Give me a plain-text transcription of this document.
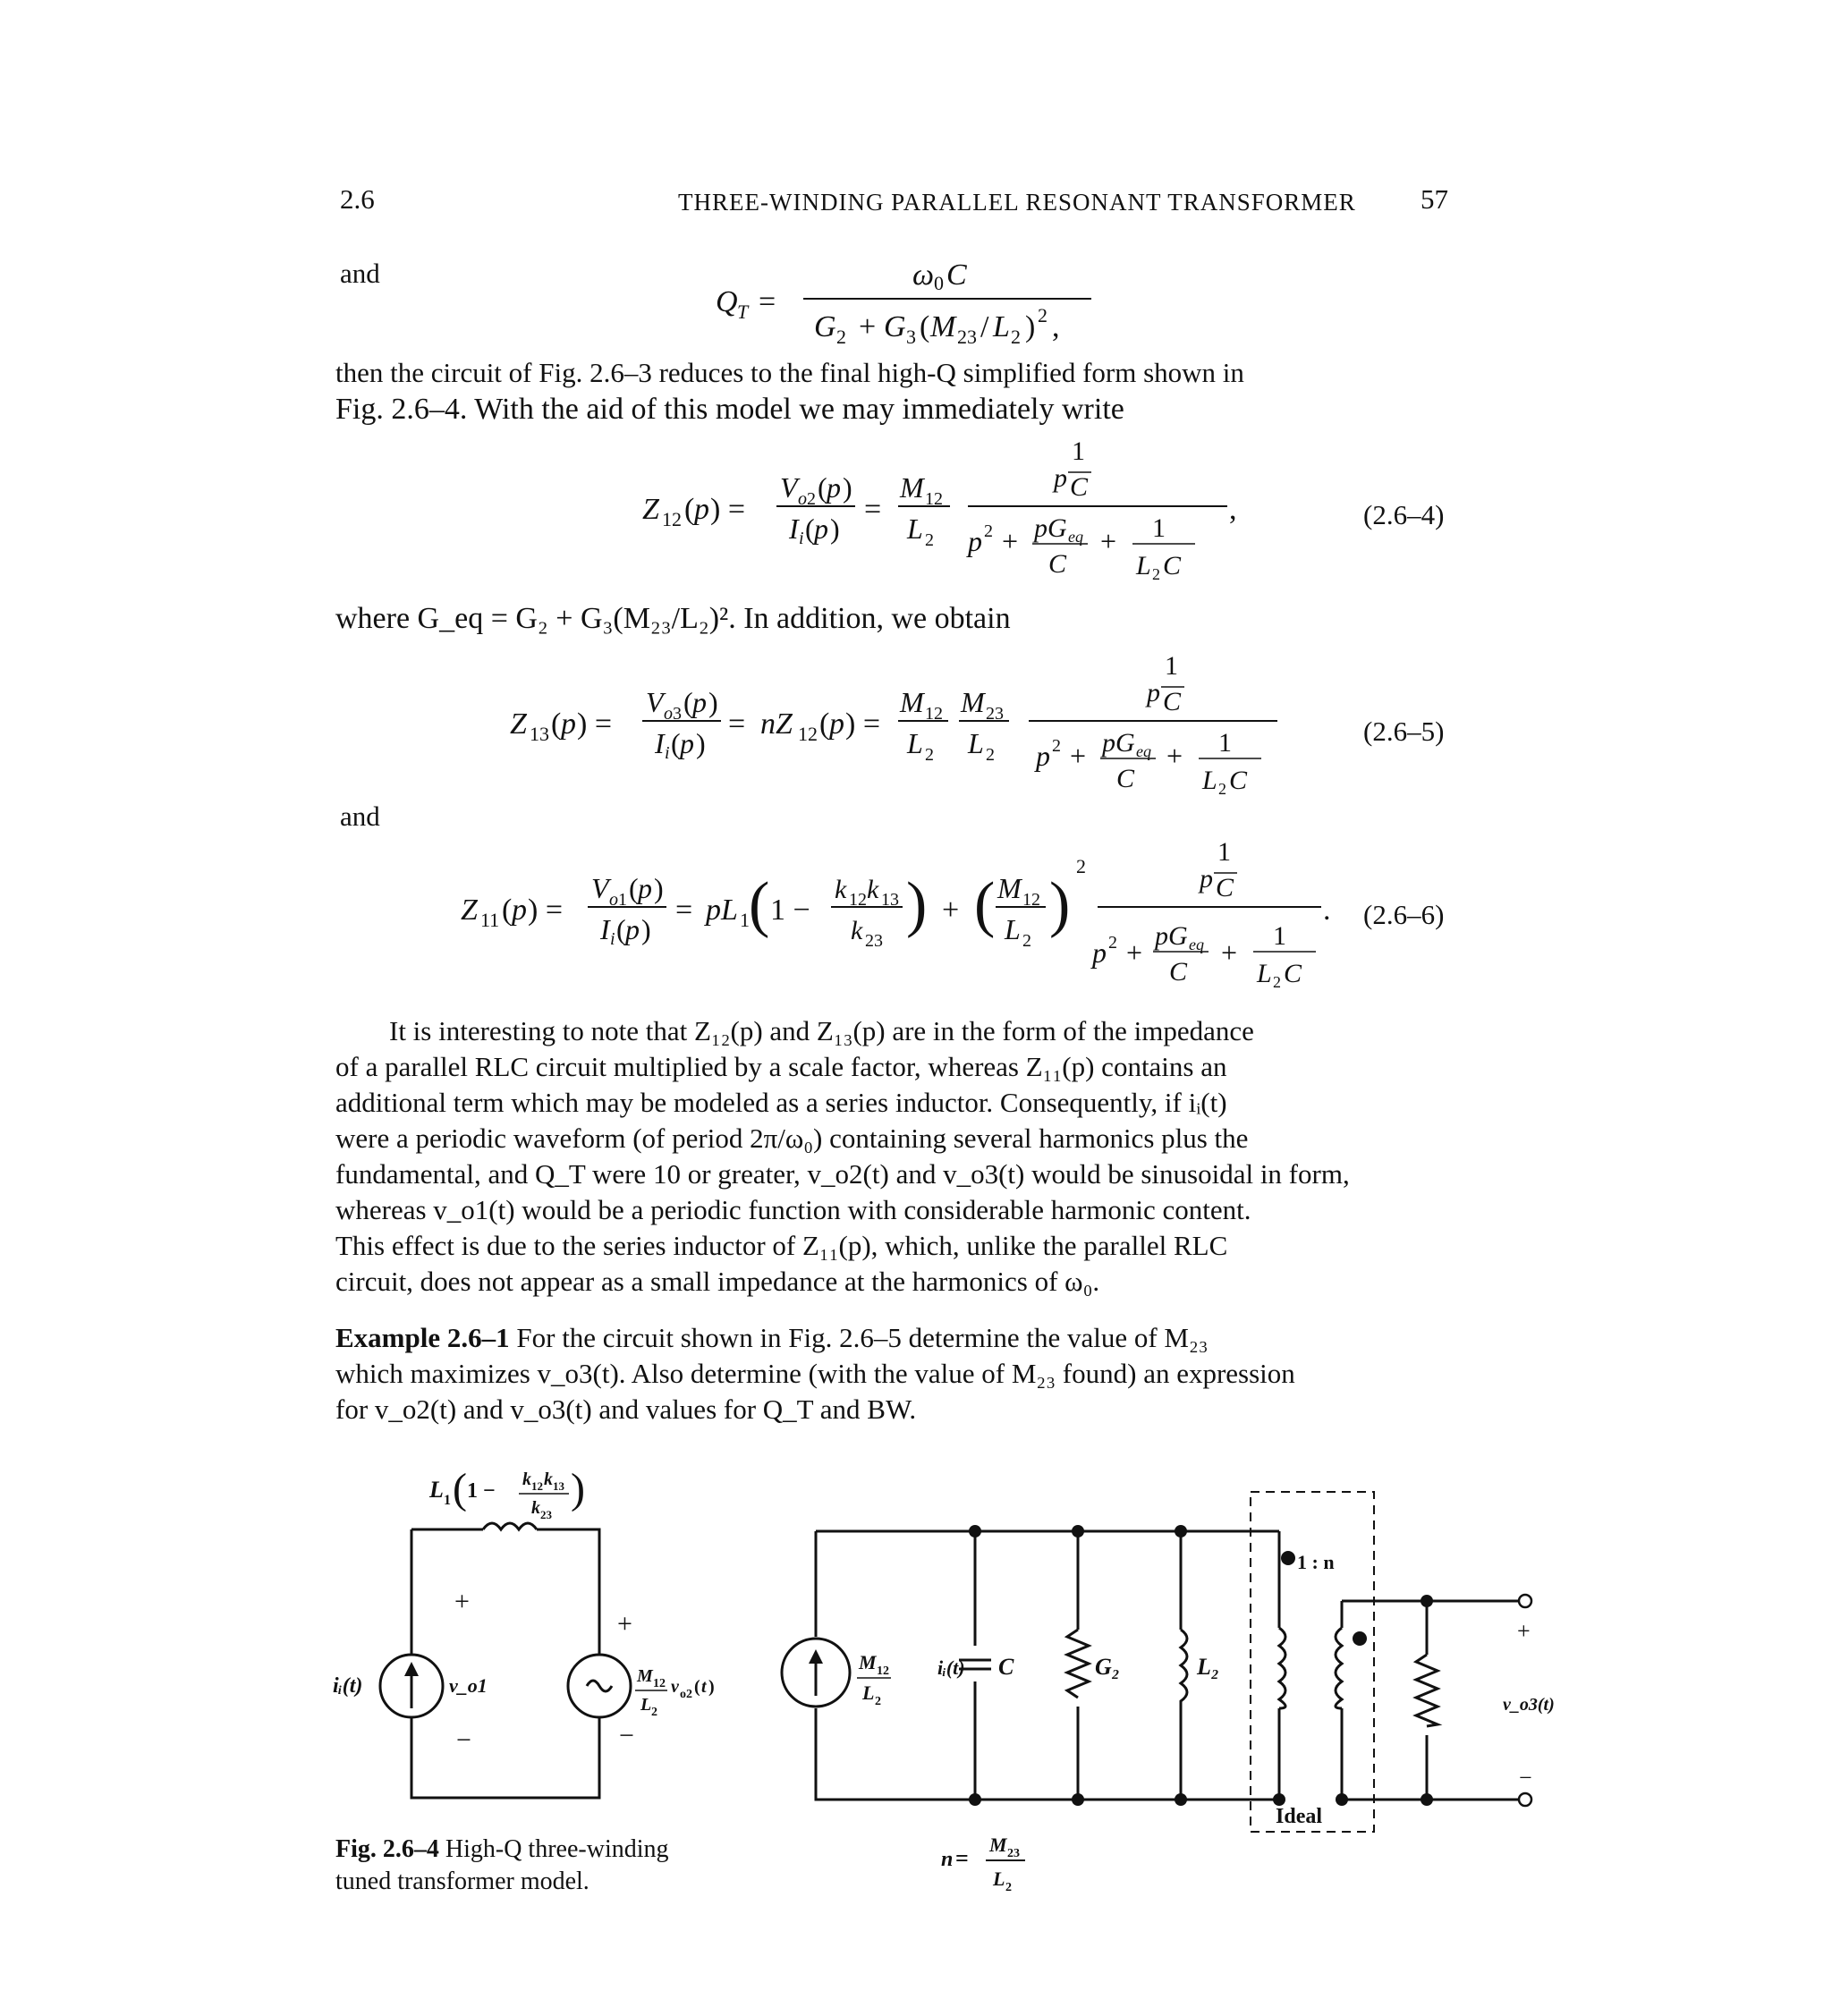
2.6	THREE-WINDING PARALLEL RESONANT TRANSFORMER 57
and
Q T =
ω 0 C
G 2 + G 3 ( M 23 / L 2 ) 2 ,
then the circuit of Fig. 2.6–3 reduces to the final high-Q simplified form shown in
Fig. 2.6–4. With the aid of this model we may immediately write
Z 12 ( p ) =
V o 2 ( p )
I i ( p )
=
M 12
L 2
1
p C
p 2 + pG eq
C
+ 1
L 2 C
,	(2.6–4)
where G_eq = G₂ + G₃(M₂₃/L₂)². In addition, we obtain
Z 13 ( p ) =
V o 3 ( p )
I i ( p )
= nZ 12 ( p ) =
M 12
L 2
M 23
L 2
1
p C
p 2 + pG eq
C
+ 1
L 2 C
(2.6–5)
and
Z 11 ( p ) =
V o 1 ( p )
I i ( p )
= pL 1 ( 1 −
k 12 k 13
k 23
) + ( M 12
L 2
)
2	1
p C
p 2 +
pG eq
C
+
1
L 2 C
. (2.6–6)
It is interesting to note that Z₁₂(p) and Z₁₃(p) are in the form of the impedance
of a parallel RLC circuit multiplied by a scale factor, whereas Z₁₁(p) contains an
additional term which may be modeled as a series inductor. Consequently, if iᵢ(t)
were a periodic waveform (of period 2π/ω₀) containing several harmonics plus the
fundamental, and Q_T were 10 or greater, v_o2(t) and v_o3(t) would be sinusoidal in form,
whereas v_o1(t) would be a periodic function with considerable harmonic content.
This effect is due to the series inductor of Z₁₁(p), which, unlike the parallel RLC
circuit, does not appear as a small impedance at the harmonics of ω₀.
Example 2.6–1 For the circuit shown in Fig. 2.6–5 determine the value of M₂₃
which maximizes v_o3(t). Also determine (with the value of M₂₃ found) an expression
for v_o2(t) and v_o3(t) and values for Q_T and BW.
L 1 ( 1 − k 12 k 13
k 23
)
iᵢ(t)	v_o1
+
−
+
−
M 12
L 2
v o2 ( t )
Fig. 2.6–4 High-Q three-winding
tuned transformer model.
M 12
L 2
C	G₂	L₂
1 : n
Ideal
+
−
v_o3(t)
iᵢ(t)
n =
M 23
L 2
